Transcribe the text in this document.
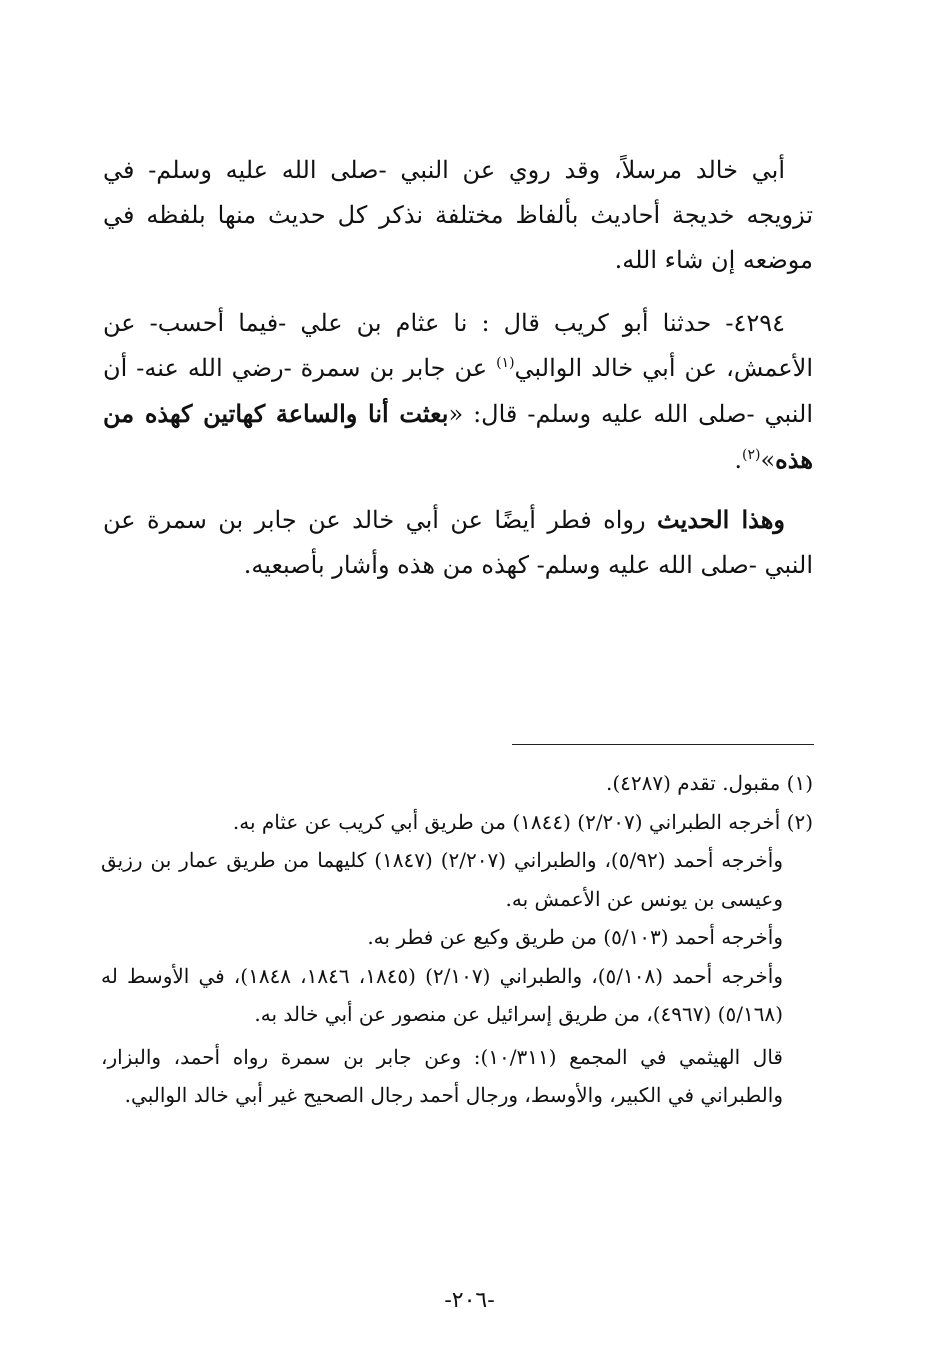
أبي خالد مرسلاً، وقد روي عن النبي -صلى الله عليه وسلم- في تزويجه خديجة أحاديث بألفاظ مختلفة نذكر كل حديث منها بلفظه في موضعه إن شاء الله.

٤٢٩٤- حدثنا أبو كريب قال : نا عثام بن علي -فيما أحسب- عن الأعمش، عن أبي خالد الوالبي$^{(١)}$ عن جابر بن سمرة -رضي الله عنه- أن النبي -صلى الله عليه وسلم- قال: «بعثت أنا والساعة كهاتين كهذه من هذه»$^{(٢)}$.

وهذا الحديث رواه فطر أيضًا عن أبي خالد عن جابر بن سمرة عن النبي -صلى الله عليه وسلم- كهذه من هذه وأشار بأصبعيه.

(١) مقبول. تقدم (٤٢٨٧).

(٢) أخرجه الطبراني (٢/٢٠٧) (١٨٤٤) من طريق أبي كريب عن عثام به.

وأخرجه أحمد (٥/٩٢)، والطبراني (٢/٢٠٧) (١٨٤٧) كليهما من طريق عمار بن رزيق وعيسى بن يونس عن الأعمش به.

وأخرجه أحمد (٥/١٠٣) من طريق وكيع عن فطر به.

وأخرجه أحمد (٥/١٠٨)، والطبراني (٢/١٠٧) (١٨٤٥، ١٨٤٦، ١٨٤٨)، في الأوسط له (٥/١٦٨) (٤٩٦٧)، من طريق إسرائيل عن منصور عن أبي خالد به.

قال الهيثمي في المجمع (١٠/٣١١): وعن جابر بن سمرة رواه أحمد، والبزار، والطبراني في الكبير، والأوسط، ورجال أحمد رجال الصحيح غير أبي خالد الوالبي.

-٢٠٦-
